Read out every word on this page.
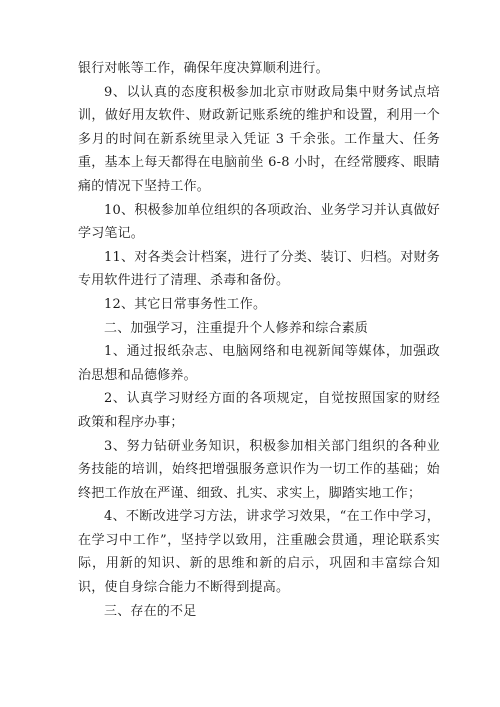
银行对帐等工作，确保年度决算顺利进行。

9、以认真的态度积极参加北京市财政局集中财务试点培训，做好用友软件、财政新记账系统的维护和设置，利用一个多月的时间在新系统里录入凭证 3 千余张。工作量大、任务重，基本上每天都得在电脑前坐 6-8 小时，在经常腰疼、眼睛痛的情况下坚持工作。

10、积极参加单位组织的各项政治、业务学习并认真做好学习笔记。

11、对各类会计档案，进行了分类、装订、归档。对财务专用软件进行了清理、杀毒和备份。

12、其它日常事务性工作。

二、加强学习，注重提升个人修养和综合素质

1、通过报纸杂志、电脑网络和电视新闻等媒体，加强政治思想和品德修养。

2、认真学习财经方面的各项规定，自觉按照国家的财经政策和程序办事；

3、努力钻研业务知识，积极参加相关部门组织的各种业务技能的培训，始终把增强服务意识作为一切工作的基础；始终把工作放在严谨、细致、扎实、求实上，脚踏实地工作；

4、不断改进学习方法，讲求学习效果，“在工作中学习，在学习中工作”，坚持学以致用，注重融会贯通，理论联系实际，用新的知识、新的思维和新的启示，巩固和丰富综合知识，使自身综合能力不断得到提高。

三、存在的不足
